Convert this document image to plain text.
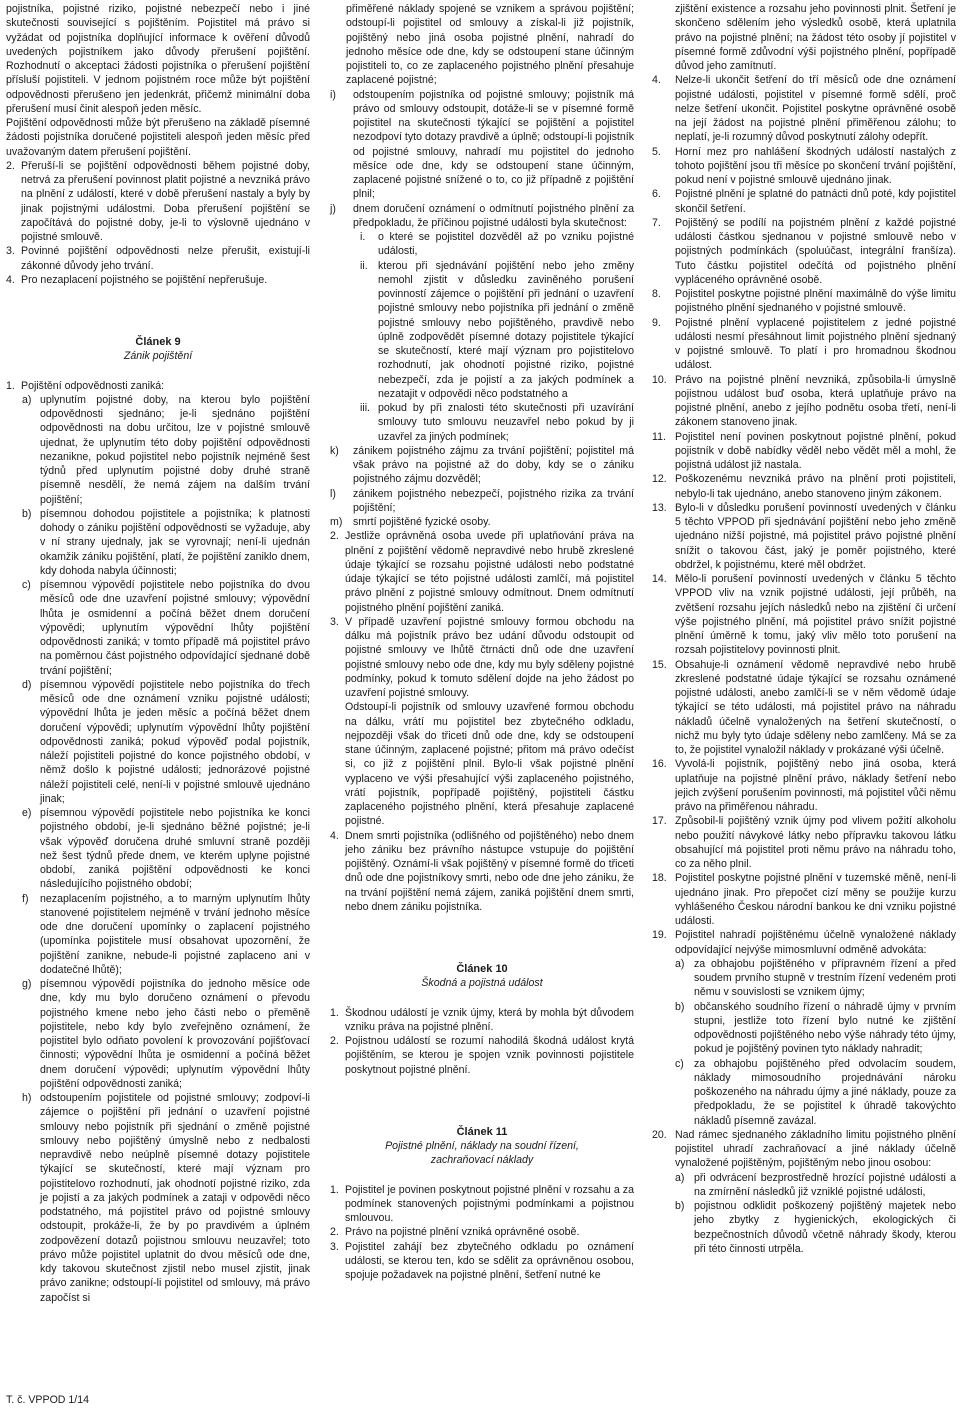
pojistníka, pojistné riziko, pojistné nebezpečí nebo i jiné skutečnosti související s pojištěním. Pojistitel má právo si vyžádat od pojistníka doplňující informace k ověření důvodů uvedených pojistníkem jako důvody přerušení pojištění. Rozhodnutí o akceptaci žádosti pojistníka o přerušení pojištění přísluší pojistiteli. V jednom pojistném roce může být pojištění odpovědnosti přerušeno jen jedenkrát, přičemž minimální doba přerušení musí činit alespoň jeden měsíc.

Pojištění odpovědnosti může být přerušeno na základě písemné žádosti pojistníka doručené pojistiteli alespoň jeden měsíc před uvažovaným datem přerušení pojištění.

2. Přeruší-li se pojištění odpovědnosti během pojistné doby, netrvá za přerušení povinnost platit pojistné a nevzniká právo na plnění z událostí, které v době přerušení nastaly a byly by jinak pojistnými událostmi. Doba přerušení pojištění se započítává do pojistné doby, je-li to výslovně ujednáno v pojistné smlouvě.
3. Povinné pojištění odpovědnosti nelze přerušit, existují-li zákonné důvody jeho trvání.
4. Pro nezaplacení pojistného se pojištění nepřerušuje.
Článek 9
Zánik pojištění
1. Pojištění odpovědnosti zaniká:
a) uplynutím pojistné doby, na kterou bylo pojištění odpovědnosti sjednáno; je-li sjednáno pojištění odpovědnosti na dobu určitou, lze v pojistné smlouvě ujednat, že uplynutím této doby pojištění odpovědnosti nezanikne, pokud pojistitel nebo pojistník nejméně šest týdnů před uplynutím pojistné doby druhé straně písemně nesdělí, že nemá zájem na dalším trvání pojištění;
b) písemnou dohodou pojistitele a pojistníka; k platnosti dohody o zániku pojištění odpovědnosti se vyžaduje, aby v ní strany ujednaly, jak se vyrovnají; není-li ujednán okamžik zániku pojištění, platí, že pojištění zaniklo dnem, kdy dohoda nabyla účinnosti;
c) písemnou výpovědí pojistitele nebo pojistníka do dvou měsíců ode dne uzavření pojistné smlouvy; výpovědní lhůta je osmidenní a počíná běžet dnem doručení výpovědi; uplynutím výpovědní lhůty pojištění odpovědnosti zaniká; v tomto případě má pojistitel právo na poměrnou část pojistného odpovídající sjednané době trvání pojištění;
d) písemnou výpovědí pojistitele nebo pojistníka do třech měsíců ode dne oznámení vzniku pojistné události; výpovědní lhůta je jeden měsíc a počíná běžet dnem doručení výpovědi; uplynutím výpovědní lhůty pojištění odpovědnosti zaniká; pokud výpověď podal pojistník, náleží pojistiteli pojistné do konce pojistného období, v němž došlo k pojistné události; jednorázové pojistné náleží pojistiteli celé, není-li v pojistné smlouvě ujednáno jinak;
e) písemnou výpovědí pojistitele nebo pojistníka ke konci pojistného období, je-li sjednáno běžné pojistné; je-li však výpověď doručena druhé smluvní straně později než šest týdnů přede dnem, ve kterém uplyne pojistné období, zaniká pojištění odpovědnosti ke konci následujícího pojistného období;
f)	nezaplacením pojistného, a to marným uplynutím lhůty stanovené pojistitelem nejméně v trvání jednoho měsíce ode dne doručení upomínky o zaplacení pojistného (upomínka pojistitele musí obsahovat upozornění, že pojištění zanikne, nebude-li pojistné zaplaceno ani v dodatečné lhůtě);
g) písemnou výpovědí pojistníka do jednoho měsíce ode dne, kdy mu bylo doručeno oznámení o převodu pojistného kmene nebo jeho části nebo o přeměně pojistitele, nebo kdy bylo zveřejněno oznámení, že pojistitel bylo odňato povolení k provozování pojišťovací činnosti; výpovědní lhůta je osmidenní a počíná běžet dnem doručení výpovědi; uplynutím výpovědní lhůty pojištění odpovědnosti zaniká;
h) odstoupením pojistitele od pojistné smlouvy; zodpoví-li zájemce o pojištění při jednání o uzavření pojistné smlouvy nebo pojistník při sjednání o změně pojistné smlouvy nebo pojištěný úmyslně nebo z nedbalosti nepravdivě nebo neúplně písemné dotazy pojistitele týkající se skutečností, které mají význam pro pojistitelovo rozhodnutí, jak ohodnotí pojistné riziko, zda je pojistí a za jakých podmínek a zataji v odpovědi něco podstatného, má pojistitel právo od pojistné smlouvy odstoupit, prokáže-li, že by po pravdivém a úplném zodpovězení dotazů pojistnou smlouvu neuzavřel; toto právo může pojistitel uplatnit do dvou měsíců ode dne, kdy takovou skutečnost zjistil nebo musel zjistit, jinak právo zanikne; odstoupí-li pojistitel od smlouvy, má právo započíst si

přiměřené náklady spojené se vznikem a správou pojištění; odstoupí-li pojistitel od smlouvy a získal-li již pojistník, pojištěný nebo jiná osoba pojistné plnění, nahradí do jednoho měsíce ode dne, kdy se odstoupení stane účinným pojistiteli to, co ze zaplaceného pojistného plnění přesahuje zaplacené pojistné;

i)	odstoupením pojistníka od pojistné smlouvy; pojistník má právo od smlouvy odstoupit, dotáže-li se v písemné formě pojistitel na skutečnosti týkající se pojištění a pojistitel nezodpoví tyto dotazy pravdivě a úplně; odstoupí-li pojistník od pojistné smlouvy, nahradí mu pojistitel do jednoho měsíce ode dne, kdy se odstoupení stane účinným, zaplacené pojistné snížené o to, co již případně z pojištění plnil;
j)	dnem doručení oznámení o odmítnutí pojistného plnění za předpokladu, že příčinou pojistné události byla skutečnost:
i.	o které se pojistitel dozvěděl až po vzniku pojistné události,
ii. kterou při sjednávání pojištění nebo jeho změny nemohl zjistit v důsledku zaviněného porušení povinností zájemce o pojištění při jednání o uzavření pojistné smlouvy nebo pojistníka při jednání o změně pojistné smlouvy nebo pojištěného, pravdivě nebo úplně zodpovědět písemné dotazy pojistitele týkající se skutečností, které mají význam pro pojistitelovo rozhodnutí, jak ohodnotí pojistné riziko, pojistné nebezpečí, zda je pojistí a za jakých podmínek a nezatajit v odpovědi něco podstatného a
iii. pokud by při znalosti této skutečnosti při uzavírání smlouvy tuto smlouvu neuzavřel nebo pokud by ji uzavřel za jiných podmínek;
k)	zánikem pojistného zájmu za trvání pojištění; pojistitel má však právo na pojistné až do doby, kdy se o zániku pojistného zájmu dozvěděl;
l)	zánikem pojistného nebezpečí, pojistného rizika za trvání pojištění;
m)	smrtí pojištěné fyzické osoby.
2. Jestliže oprávněná osoba uvede při uplatňování práva na plnění z pojištění vědomě nepravdivé nebo hrubě zkreslené údaje týkající se rozsahu pojistné události nebo podstatné údaje týkající se této pojistné události zamlčí, má pojistitel právo plnění z pojistné smlouvy odmítnout. Dnem odmítnutí pojistného plnění pojištění zaniká.
3. V případě uzavření pojistné smlouvy formou obchodu na dálku má pojistník právo bez udání důvodu odstoupit od pojistné smlouvy ve lhůtě čtrnácti dnů ode dne uzavření pojistné smlouvy nebo ode dne, kdy mu byly sděleny pojistné podmínky, pokud k tomuto sdělení dojde na jeho žádost po uzavření pojistné smlouvy.

Odstoupí-li pojistník od smlouvy uzavřené formou obchodu na dálku, vrátí mu pojistitel bez zbytečného odkladu, nejpozději však do třiceti dnů ode dne, kdy se odstoupení stane účinným, zaplacené pojistné; přitom má právo odečíst si, co již z pojištění plnil. Bylo-li však pojistné plnění vyplaceno ve výši přesahující výši zaplaceného pojistného, vrátí pojistník, popřípadě pojištěný, pojistiteli částku zaplaceného pojistného plnění, která přesahuje zaplacené pojistné.

4. Dnem smrti pojistníka (odlišného od pojištěného) nebo dnem jeho zániku bez právního nástupce vstupuje do pojištění pojištěný. Oznámí-li však pojištěný v písemné formě do třiceti dnů ode dne pojistníkovy smrti, nebo ode dne jeho zániku, že na trvání pojištění nemá zájem, zaniká pojištění dnem smrti, nebo dnem zániku pojistníka.
Článek 10
Škodná a pojistná událost
1. Škodnou událostí je vznik újmy, která by mohla být důvodem vzniku práva na pojistné plnění.
2. Pojistnou událostí se rozumí nahodilá škodná událost krytá pojištěním, se kterou je spojen vznik povinnosti pojistitele poskytnout pojistné plnění.
Článek 11
Pojistné plnění, náklady na soudní řízení,
zachraňovací náklady
1. Pojistitel je povinen poskytnout pojistné plnění v rozsahu a za podmínek stanovených pojistnými podmínkami a pojistnou smlouvou.
2. Právo na pojistné plnění vzniká oprávněné osobě.
3. Pojistitel zahájí bez zbytečného odkladu po oznámení události, se kterou ten, kdo se sdělit za oprávněnou osobou, spojuje požadavek na pojistné plnění, šetření nutné ke

zjištění existence a rozsahu jeho povinnosti plnit. Šetření je skončeno sdělením jeho výsledků osobě, která uplatnila právo na pojistné plnění; na žádost této osoby jí pojistitel v písemné formě zdůvodní výši pojistného plnění, popřípadě důvod jeho zamítnutí.

4.	Nelze-li ukončit šetření do tří měsíců ode dne oznámení pojistné události, pojistitel v písemné formě sdělí, proč nelze šetření ukončit. Pojistitel poskytne oprávněné osobě na její žádost na pojistné plnění přiměřenou zálohu; to neplatí, je-li rozumný důvod poskytnutí zálohy odepřít.
5.	Horní mez pro nahlášení škodných událostí nastalých z tohoto pojištění jsou tři měsíce po skončení trvání pojištění, pokud není v pojistné smlouvě ujednáno jinak.
6.	Pojistné plnění je splatné do patnácti dnů poté, kdy pojistitel skončil šetření.
7.	Pojištěný se podílí na pojistném plnění z každé pojistné události částkou sjednanou v pojistné smlouvě nebo v pojistných podmínkách (spoluúčast, integrální franšíza). Tuto částku pojistitel odečítá od pojistného plnění vypláceného oprávněné osobě.
8.	Pojistitel poskytne pojistné plnění maximálně do výše limitu pojistného plnění sjednaného v pojistné smlouvě.
9.	Pojistné plnění vyplacené pojistitelem z jedné pojistné události nesmí přesáhnout limit pojistného plnění sjednaný v pojistné smlouvě. To platí i pro hromadnou škodnou událost.
10. Právo na pojistné plnění nevzniká, způsobila-li úmyslně pojistnou událost buď osoba, která uplatňuje právo na pojistné plnění, anebo z jejího podnětu osoba třetí, není-li zákonem stanoveno jinak.
11. Pojistitel není povinen poskytnout pojistné plnění, pokud pojistník v době nabídky věděl nebo vědět měl a mohl, že pojistná událost již nastala.
12. Poškozenému nevzniká právo na plnění proti pojistiteli, nebylo-li tak ujednáno, anebo stanoveno jiným zákonem.
13. Bylo-li v důsledku porušení povinností uvedených v článku 5 těchto VPPOD při sjednávání pojištění nebo jeho změně ujednáno nižší pojistné, má pojistitel právo pojistné plnění snížit o takovou část, jaký je poměr pojistného, které obdržel, k pojistnému, které měl obdržet.
14. Mělo-li porušení povinností uvedených v článku 5 těchto VPPOD vliv na vznik pojistné události, její průběh, na zvětšení rozsahu jejích následků nebo na zjištění či určení výše pojistného plnění, má pojistitel právo snížit pojistné plnění úměrně k tomu, jaký vliv mělo toto porušení na rozsah pojistitelovy povinnosti plnit.
15. Obsahuje-li oznámení vědomě nepravdivé nebo hrubě zkreslené podstatné údaje týkající se rozsahu oznámené pojistné události, anebo zamlčí-li se v něm vědomě údaje týkající se této události, má pojistitel právo na náhradu nákladů účelně vynaložených na šetření skutečností, o nichž mu byly tyto údaje sděleny nebo zamlčeny. Má se za to, že pojistitel vynaložil náklady v prokázané výši účelně.
16. Vyvolá-li pojistník, pojištěný nebo jiná osoba, která uplatňuje na pojistné plnění právo, náklady šetření nebo jejich zvýšení porušením povinnosti, má pojistitel vůči němu právo na přiměřenou náhradu.
17. Způsobil-li pojištěný vznik újmy pod vlivem požití alkoholu nebo použití návykové látky nebo přípravku takovou látku obsahující má pojistitel proti němu právo na náhradu toho, co za něho plnil.
18. Pojistitel poskytne pojistné plnění v tuzemské měně, není-li ujednáno jinak. Pro přepočet cizí měny se použije kurzu vyhlášeného Českou národní bankou ke dni vzniku pojistné události.
19. Pojistitel nahradí pojištěnému účelně vynaložené náklady odpovídající nejvýše mimosmluvní odměně advokáta:
a) za obhajobu pojištěného v přípravném řízení a před soudem prvního stupně v trestním řízení vedeném proti němu v souvislosti se vznikem újmy;
b) občanského soudního řízení o náhradě újmy v prvním stupni, jestliže toto řízení bylo nutné ke zjištění odpovědnosti pojištěného nebo výše náhrady této újmy, pokud je pojištěný povinen tyto náklady nahradit;
c) za obhajobu pojištěného před odvolacím soudem, náklady mimosoudního projednávání nároku poškozeného na náhradu újmy a jiné náklady, pouze za předpokladu, že se pojistitel k úhradě takovýchto nákladů písemně zavázal.
20. Nad rámec sjednaného základního limitu pojistného plnění pojistitel uhradí zachraňovací a jiné náklady účelně vynaložené pojištěným, pojištěným nebo jinou osobou:
a) při odvrácení bezprostředně hrozící pojistné události a na zmírnění následků již vzniklé pojistné události,
b) pojistnou odklidit poškozený pojištěný majetek nebo jeho zbytky z hygienických, ekologických či bezpečnostních důvodů včetně náhrady škody, kterou při této činnosti utrpěla.
T. č. VPPOD 1/14
